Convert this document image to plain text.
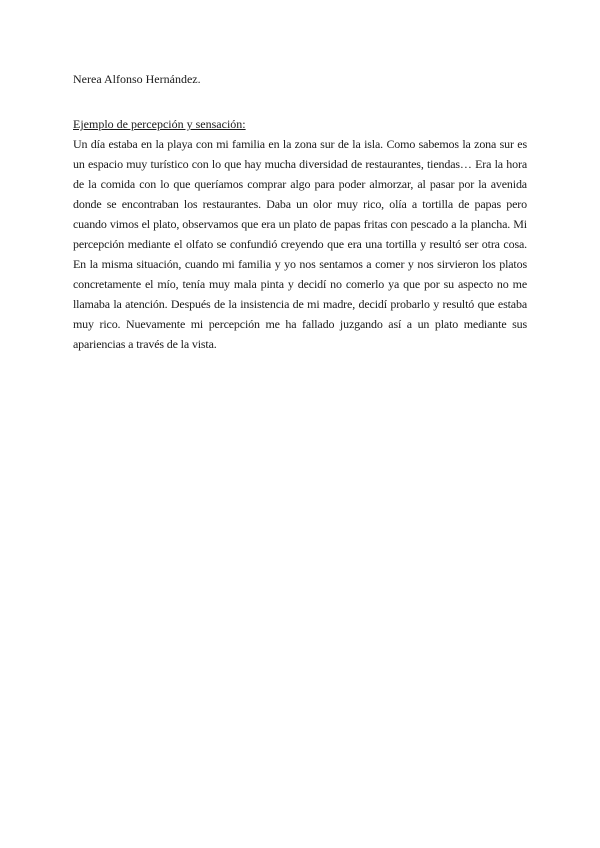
Nerea Alfonso Hernández.

Ejemplo de percepción y sensación:

Un día estaba en la playa con mi familia en la zona sur de la isla. Como sabemos la zona sur es un espacio muy turístico con lo que hay mucha diversidad de restaurantes, tiendas… Era la hora de la comida con lo que queríamos comprar algo para poder almorzar, al pasar por la avenida donde se encontraban los restaurantes. Daba un olor muy rico, olía a tortilla de papas pero cuando vimos el plato, observamos que era un plato de papas fritas con pescado a la plancha. Mi percepción mediante el olfato se confundió creyendo que era una tortilla y resultó ser otra cosa. En la misma situación, cuando mi familia y yo nos sentamos a comer y nos sirvieron los platos concretamente el mío, tenía muy mala pinta y decidí no comerlo ya que por su aspecto no me llamaba la atención. Después de la insistencia de mi madre, decidí probarlo y resultó que estaba muy rico. Nuevamente mi percepción me ha fallado juzgando así a un plato mediante sus apariencias a través de la vista.
